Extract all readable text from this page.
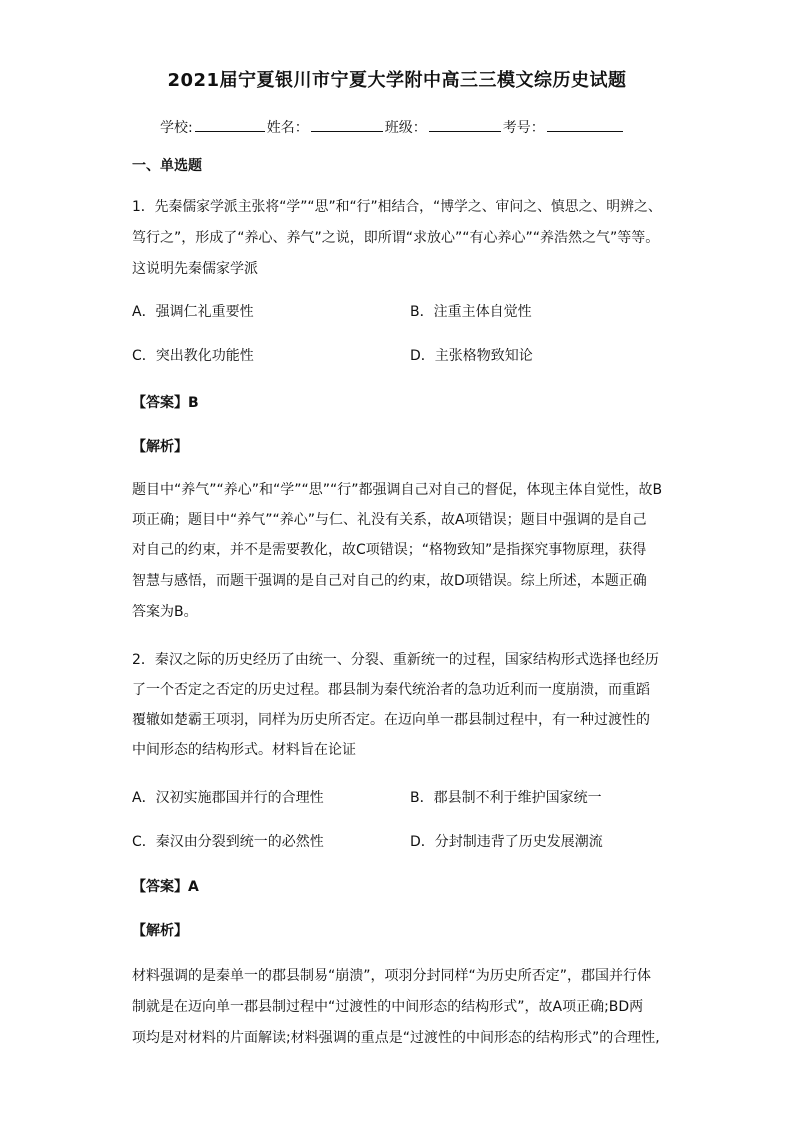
2021届宁夏银川市宁夏大学附中高三三模文综历史试题
学校:	姓名：	班级：	考号：
一、单选题
1．先秦儒家学派主张将“学”“思”和“行”相结合，“博学之、审问之、慎思之、明辨之、
笃行之”，形成了“养心、养气”之说，即所谓“求放心”“有心养心”“养浩然之气”等等。
这说明先秦儒家学派
A．强调仁礼重要性	B．注重主体自觉性
C．突出教化功能性	D．主张格物致知论
【答案】B
【解析】
题目中“养气”“养心”和“学”“思”“行”都强调自己对自己的督促，体现主体自觉性，故B
项正确；题目中“养气”“养心”与仁、礼没有关系，故A项错误；题目中强调的是自己
对自己的约束，并不是需要教化，故C项错误；“格物致知”是指探究事物原理，获得
智慧与感悟，而题干强调的是自己对自己的约束，故D项错误。综上所述，本题正确
答案为B。
2．秦汉之际的历史经历了由统一、分裂、重新统一的过程，国家结构形式选择也经历
了一个否定之否定的历史过程。郡县制为秦代统治者的急功近利而一度崩溃，而重蹈
覆辙如楚霸王项羽，同样为历史所否定。在迈向单一郡县制过程中，有一种过渡性的
中间形态的结构形式。材料旨在论证
A．汉初实施郡国并行的合理性	B．郡县制不利于维护国家统一
C．秦汉由分裂到统一的必然性	D．分封制违背了历史发展潮流
【答案】A
【解析】
材料强调的是秦单一的郡县制易“崩溃”，项羽分封同样“为历史所否定”，郡国并行体
制就是在迈向单一郡县制过程中“过渡性的中间形态的结构形式”，故A项正确;BD两
项均是对材料的片面解读;材料强调的重点是“过渡性的中间形态的结构形式”的合理性,
